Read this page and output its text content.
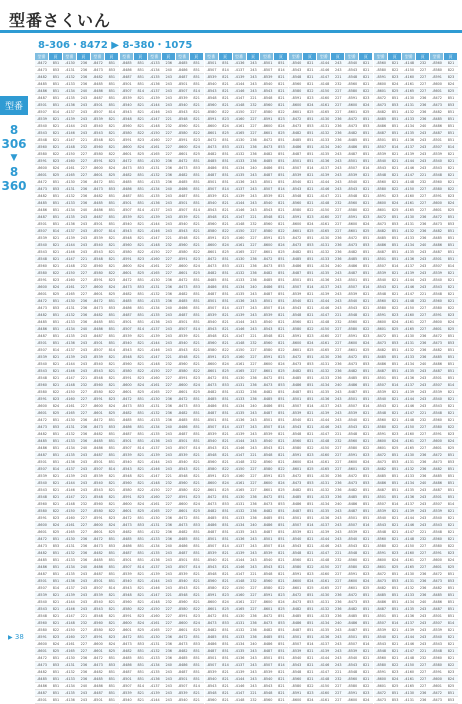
型番さくいん
8-306・8472 ▶ 8-380・1075
型番
8
306
▼
8
360
型番	頁	型番	頁	型番	頁
-8472	851	-4130	236	-8472	851
-8473	853	-4131	236	-8473	853
-8482	851	-4132	236	-8482	851
-8485	851	-4133	236	-8485	851
-8486	851	-4134	240	-8486	851
-8487	851	-4135	243	-8487	851
-8501	851	-4136	243	-8501	851
-8507	814	-4137	243	-8507	814
-8539	821	-4139	243	-8539	821
-8540	821	-4144	243	-8540	821
-8543	821	-4146	243	-8543	821
-8548	821	-4147	221	-8548	821
-8560	821	-4148	232	-8560	821
-8580	822	-4150	227	-8580	822
-8591	823	-4160	227	-8591	823
-8600	824	-4161	227	-8600	824
-8601	825	-4165	227	-8601	825
-8472	851	-4130	236	-8472	851
-8473	853	-4131	236	-8473	853
-8482	851	-4132	236	-8482	851
-8485	851	-4133	236	-8485	851
-8486	851	-4134	240	-8486	851
-8487	851	-4135	243	-8487	851
-8501	851	-4136	243	-8501	851
-8507	814	-4137	243	-8507	814
-8539	821	-4139	243	-8539	821
-8540	821	-4144	243	-8540	821
-8543	821	-4146	243	-8543	821
-8548	821	-4147	221	-8548	821
-8560	821	-4148	232	-8560	821
-8580	822	-4150	227	-8580	822
-8591	823	-4160	227	-8591	823
-8600	824	-4161	227	-8600	824
-8601	825	-4165	227	-8601	825
-8472	851	-4130	236	-8472	851
-8473	853	-4131	236	-8473	853
-8482	851	-4132	236	-8482	851
-8485	851	-4133	236	-8485	851
-8486	851	-4134	240	-8486	851
-8487	851	-4135	243	-8487	851
-8501	851	-4136	243	-8501	851
-8507	814	-4137	243	-8507	814
-8539	821	-4139	243	-8539	821
-8540	821	-4144	243	-8540	821
-8543	821	-4146	243	-8543	821
-8548	821	-4147	221	-8548	821
-8560	821	-4148	232	-8560	821
-8580	822	-4150	227	-8580	822
-8591	823	-4160	227	-8591	823
-8600	824	-4161	227	-8600	824
-8601	825	-4165	227	-8601	825
-8472	851	-4130	236	-8472	851
-8473	853	-4131	236	-8473	853
-8482	851	-4132	236	-8482	851
-8485	851	-4133	236	-8485	851
-8486	851	-4134	240	-8486	851
-8487	851	-4135	243	-8487	851
-8501	851	-4136	243	-8501	851
-8507	814	-4137	243	-8507	814
-8539	821	-4139	243	-8539	821
-8540	821	-4144	243	-8540	821
-8543	821	-4146	243	-8543	821
-8548	821	-4147	221	-8548	821
-8560	821	-4148	232	-8560	821
-8580	822	-4150	227	-8580	822
-8591	823	-4160	227	-8591	823
-8600	824	-4161	227	-8600	824
-8601	825	-4165	227	-8601	825
-8472	851	-4130	236	-8472	851
-8473	853	-4131	236	-8473	853
-8482	851	-4132	236	-8482	851
-8485	851	-4133	236	-8485	851
-8486	851	-4134	240	-8486	851
-8487	851	-4135	243	-8487	851
-8501	851	-4136	243	-8501	851
-8507	814	-4137	243	-8507	814
-8539	821	-4139	243	-8539	821
-8540	821	-4144	243	-8540	821
-8543	821	-4146	243	-8543	821
-8548	821	-4147	221	-8548	821
-8560	821	-4148	232	-8560	821
-8580	822	-4150	227	-8580	822
-8591	823	-4160	227	-8591	823
-8600	824	-4161	227	-8600	824
-8601	825	-4165	227	-8601	825
-8472	851	-4130	236	-8472	851
-8473	853	-4131	236	-8473	853
-8482	851	-4132	236	-8482	851
-8485	851	-4133	236	-8485	851
-8486	851	-4134	240	-8486	851
-8487	851	-4135	243	-8487	851
-8501	851	-4136	243	-8501	851
型番	頁	型番	頁	型番	頁
-8485	851	-4133	236	-8485	851
-8486	851	-4134	240	-8486	851
-8487	851	-4135	243	-8487	851
-8501	851	-4136	243	-8501	851
-8507	814	-4137	243	-8507	814
-8539	821	-4139	243	-8539	821
-8540	821	-4144	243	-8540	821
-8543	821	-4146	243	-8543	821
-8548	821	-4147	221	-8548	821
-8560	821	-4148	232	-8560	821
-8580	822	-4150	227	-8580	822
-8591	823	-4160	227	-8591	823
-8600	824	-4161	227	-8600	824
-8601	825	-4165	227	-8601	825
-8472	851	-4130	236	-8472	851
-8473	853	-4131	236	-8473	853
-8482	851	-4132	236	-8482	851
-8485	851	-4133	236	-8485	851
-8486	851	-4134	240	-8486	851
-8487	851	-4135	243	-8487	851
-8501	851	-4136	243	-8501	851
-8507	814	-4137	243	-8507	814
-8539	821	-4139	243	-8539	821
-8540	821	-4144	243	-8540	821
-8543	821	-4146	243	-8543	821
-8548	821	-4147	221	-8548	821
-8560	821	-4148	232	-8560	821
-8580	822	-4150	227	-8580	822
-8591	823	-4160	227	-8591	823
-8600	824	-4161	227	-8600	824
-8601	825	-4165	227	-8601	825
-8472	851	-4130	236	-8472	851
-8473	853	-4131	236	-8473	853
-8482	851	-4132	236	-8482	851
-8485	851	-4133	236	-8485	851
-8486	851	-4134	240	-8486	851
-8487	851	-4135	243	-8487	851
-8501	851	-4136	243	-8501	851
-8507	814	-4137	243	-8507	814
-8539	821	-4139	243	-8539	821
-8540	821	-4144	243	-8540	821
-8543	821	-4146	243	-8543	821
-8548	821	-4147	221	-8548	821
-8560	821	-4148	232	-8560	821
-8580	822	-4150	227	-8580	822
-8591	823	-4160	227	-8591	823
-8600	824	-4161	227	-8600	824
-8601	825	-4165	227	-8601	825
-8472	851	-4130	236	-8472	851
-8473	853	-4131	236	-8473	853
-8482	851	-4132	236	-8482	851
-8485	851	-4133	236	-8485	851
-8486	851	-4134	240	-8486	851
-8487	851	-4135	243	-8487	851
-8501	851	-4136	243	-8501	851
-8507	814	-4137	243	-8507	814
-8539	821	-4139	243	-8539	821
-8540	821	-4144	243	-8540	821
-8543	821	-4146	243	-8543	821
-8548	821	-4147	221	-8548	821
-8560	821	-4148	232	-8560	821
-8580	822	-4150	227	-8580	822
-8591	823	-4160	227	-8591	823
-8600	824	-4161	227	-8600	824
-8601	825	-4165	227	-8601	825
-8472	851	-4130	236	-8472	851
-8473	853	-4131	236	-8473	853
-8482	851	-4132	236	-8482	851
-8485	851	-4133	236	-8485	851
-8486	851	-4134	240	-8486	851
-8487	851	-4135	243	-8487	851
-8501	851	-4136	243	-8501	851
-8507	814	-4137	243	-8507	814
-8539	821	-4139	243	-8539	821
-8540	821	-4144	243	-8540	821
-8543	821	-4146	243	-8543	821
-8548	821	-4147	221	-8548	821
-8560	821	-4148	232	-8560	821
-8580	822	-4150	227	-8580	822
-8591	823	-4160	227	-8591	823
-8600	824	-4161	227	-8600	824
-8601	825	-4165	227	-8601	825
-8472	851	-4130	236	-8472	851
-8473	853	-4131	236	-8473	853
-8482	851	-4132	236	-8482	851
-8485	851	-4133	236	-8485	851
-8486	851	-4134	240	-8486	851
-8487	851	-4135	243	-8487	851
-8501	851	-4136	243	-8501	851
-8507	814	-4137	243	-8507	814
-8539	821	-4139	243	-8539	821
-8540	821	-4144	243	-8540	821
型番	頁	型番	頁	型番	頁
-8501	851	-4136	243	-8501	851
-8507	814	-4137	243	-8507	814
-8539	821	-4139	243	-8539	821
-8540	821	-4144	243	-8540	821
-8543	821	-4146	243	-8543	821
-8548	821	-4147	221	-8548	821
-8560	821	-4148	232	-8560	821
-8580	822	-4150	227	-8580	822
-8591	823	-4160	227	-8591	823
-8600	824	-4161	227	-8600	824
-8601	825	-4165	227	-8601	825
-8472	851	-4130	236	-8472	851
-8473	853	-4131	236	-8473	853
-8482	851	-4132	236	-8482	851
-8485	851	-4133	236	-8485	851
-8486	851	-4134	240	-8486	851
-8487	851	-4135	243	-8487	851
-8501	851	-4136	243	-8501	851
-8507	814	-4137	243	-8507	814
-8539	821	-4139	243	-8539	821
-8540	821	-4144	243	-8540	821
-8543	821	-4146	243	-8543	821
-8548	821	-4147	221	-8548	821
-8560	821	-4148	232	-8560	821
-8580	822	-4150	227	-8580	822
-8591	823	-4160	227	-8591	823
-8600	824	-4161	227	-8600	824
-8601	825	-4165	227	-8601	825
-8472	851	-4130	236	-8472	851
-8473	853	-4131	236	-8473	853
-8482	851	-4132	236	-8482	851
-8485	851	-4133	236	-8485	851
-8486	851	-4134	240	-8486	851
-8487	851	-4135	243	-8487	851
-8501	851	-4136	243	-8501	851
-8507	814	-4137	243	-8507	814
-8539	821	-4139	243	-8539	821
-8540	821	-4144	243	-8540	821
-8543	821	-4146	243	-8543	821
-8548	821	-4147	221	-8548	821
-8560	821	-4148	232	-8560	821
-8580	822	-4150	227	-8580	822
-8591	823	-4160	227	-8591	823
-8600	824	-4161	227	-8600	824
-8601	825	-4165	227	-8601	825
-8472	851	-4130	236	-8472	851
-8473	853	-4131	236	-8473	853
-8482	851	-4132	236	-8482	851
-8485	851	-4133	236	-8485	851
-8486	851	-4134	240	-8486	851
-8487	851	-4135	243	-8487	851
-8501	851	-4136	243	-8501	851
-8507	814	-4137	243	-8507	814
-8539	821	-4139	243	-8539	821
-8540	821	-4144	243	-8540	821
-8543	821	-4146	243	-8543	821
-8548	821	-4147	221	-8548	821
-8560	821	-4148	232	-8560	821
-8580	822	-4150	227	-8580	822
-8591	823	-4160	227	-8591	823
-8600	824	-4161	227	-8600	824
-8601	825	-4165	227	-8601	825
-8472	851	-4130	236	-8472	851
-8473	853	-4131	236	-8473	853
-8482	851	-4132	236	-8482	851
-8485	851	-4133	236	-8485	851
-8486	851	-4134	240	-8486	851
-8487	851	-4135	243	-8487	851
-8501	851	-4136	243	-8501	851
-8507	814	-4137	243	-8507	814
-8539	821	-4139	243	-8539	821
-8540	821	-4144	243	-8540	821
-8543	821	-4146	243	-8543	821
-8548	821	-4147	221	-8548	821
-8560	821	-4148	232	-8560	821
-8580	822	-4150	227	-8580	822
-8591	823	-4160	227	-8591	823
-8600	824	-4161	227	-8600	824
-8601	825	-4165	227	-8601	825
-8472	851	-4130	236	-8472	851
-8473	853	-4131	236	-8473	853
-8482	851	-4132	236	-8482	851
-8485	851	-4133	236	-8485	851
-8486	851	-4134	240	-8486	851
-8487	851	-4135	243	-8487	851
-8501	851	-4136	243	-8501	851
-8507	814	-4137	243	-8507	814
-8539	821	-4139	243	-8539	821
-8540	821	-4144	243	-8540	821
-8543	821	-4146	243	-8543	821
-8548	821	-4147	221	-8548	821
-8560	821	-4148	232	-8560	821
型番	頁	型番	頁	型番	頁
-8540	821	-4144	243	-8540	821
-8543	821	-4146	243	-8543	821
-8548	821	-4147	221	-8548	821
-8560	821	-4148	232	-8560	821
-8580	822	-4150	227	-8580	822
-8591	823	-4160	227	-8591	823
-8600	824	-4161	227	-8600	824
-8601	825	-4165	227	-8601	825
-8472	851	-4130	236	-8472	851
-8473	853	-4131	236	-8473	853
-8482	851	-4132	236	-8482	851
-8485	851	-4133	236	-8485	851
-8486	851	-4134	240	-8486	851
-8487	851	-4135	243	-8487	851
-8501	851	-4136	243	-8501	851
-8507	814	-4137	243	-8507	814
-8539	821	-4139	243	-8539	821
-8540	821	-4144	243	-8540	821
-8543	821	-4146	243	-8543	821
-8548	821	-4147	221	-8548	821
-8560	821	-4148	232	-8560	821
-8580	822	-4150	227	-8580	822
-8591	823	-4160	227	-8591	823
-8600	824	-4161	227	-8600	824
-8601	825	-4165	227	-8601	825
-8472	851	-4130	236	-8472	851
-8473	853	-4131	236	-8473	853
-8482	851	-4132	236	-8482	851
-8485	851	-4133	236	-8485	851
-8486	851	-4134	240	-8486	851
-8487	851	-4135	243	-8487	851
-8501	851	-4136	243	-8501	851
-8507	814	-4137	243	-8507	814
-8539	821	-4139	243	-8539	821
-8540	821	-4144	243	-8540	821
-8543	821	-4146	243	-8543	821
-8548	821	-4147	221	-8548	821
-8560	821	-4148	232	-8560	821
-8580	822	-4150	227	-8580	822
-8591	823	-4160	227	-8591	823
-8600	824	-4161	227	-8600	824
-8601	825	-4165	227	-8601	825
-8472	851	-4130	236	-8472	851
-8473	853	-4131	236	-8473	853
-8482	851	-4132	236	-8482	851
-8485	851	-4133	236	-8485	851
-8486	851	-4134	240	-8486	851
-8487	851	-4135	243	-8487	851
-8501	851	-4136	243	-8501	851
-8507	814	-4137	243	-8507	814
-8539	821	-4139	243	-8539	821
-8540	821	-4144	243	-8540	821
-8543	821	-4146	243	-8543	821
-8548	821	-4147	221	-8548	821
-8560	821	-4148	232	-8560	821
-8580	822	-4150	227	-8580	822
-8591	823	-4160	227	-8591	823
-8600	824	-4161	227	-8600	824
-8601	825	-4165	227	-8601	825
-8472	851	-4130	236	-8472	851
-8473	853	-4131	236	-8473	853
-8482	851	-4132	236	-8482	851
-8485	851	-4133	236	-8485	851
-8486	851	-4134	240	-8486	851
-8487	851	-4135	243	-8487	851
-8501	851	-4136	243	-8501	851
-8507	814	-4137	243	-8507	814
-8539	821	-4139	243	-8539	821
-8540	821	-4144	243	-8540	821
-8543	821	-4146	243	-8543	821
-8548	821	-4147	221	-8548	821
-8560	821	-4148	232	-8560	821
-8580	822	-4150	227	-8580	822
-8591	823	-4160	227	-8591	823
-8600	824	-4161	227	-8600	824
-8601	825	-4165	227	-8601	825
-8472	851	-4130	236	-8472	851
-8473	853	-4131	236	-8473	853
-8482	851	-4132	236	-8482	851
-8485	851	-4133	236	-8485	851
-8486	851	-4134	240	-8486	851
-8487	851	-4135	243	-8487	851
-8501	851	-4136	243	-8501	851
-8507	814	-4137	243	-8507	814
-8539	821	-4139	243	-8539	821
-8540	821	-4144	243	-8540	821
-8543	821	-4146	243	-8543	821
-8548	821	-4147	221	-8548	821
-8560	821	-4148	232	-8560	821
-8580	822	-4150	227	-8580	822
-8591	823	-4160	227	-8591	823
-8600	824	-4161	227	-8600	824
型番	頁	型番	頁	型番	頁
-8560	821	-4148	232	-8560	821
-8580	822	-4150	227	-8580	822
-8591	823	-4160	227	-8591	823
-8600	824	-4161	227	-8600	824
-8601	825	-4165	227	-8601	825
-8472	851	-4130	236	-8472	851
-8473	853	-4131	236	-8473	853
-8482	851	-4132	236	-8482	851
-8485	851	-4133	236	-8485	851
-8486	851	-4134	240	-8486	851
-8487	851	-4135	243	-8487	851
-8501	851	-4136	243	-8501	851
-8507	814	-4137	243	-8507	814
-8539	821	-4139	243	-8539	821
-8540	821	-4144	243	-8540	821
-8543	821	-4146	243	-8543	821
-8548	821	-4147	221	-8548	821
-8560	821	-4148	232	-8560	821
-8580	822	-4150	227	-8580	822
-8591	823	-4160	227	-8591	823
-8600	824	-4161	227	-8600	824
-8601	825	-4165	227	-8601	825
-8472	851	-4130	236	-8472	851
-8473	853	-4131	236	-8473	853
-8482	851	-4132	236	-8482	851
-8485	851	-4133	236	-8485	851
-8486	851	-4134	240	-8486	851
-8487	851	-4135	243	-8487	851
-8501	851	-4136	243	-8501	851
-8507	814	-4137	243	-8507	814
-8539	821	-4139	243	-8539	821
-8540	821	-4144	243	-8540	821
-8543	821	-4146	243	-8543	821
-8548	821	-4147	221	-8548	821
-8560	821	-4148	232	-8560	821
-8580	822	-4150	227	-8580	822
-8591	823	-4160	227	-8591	823
-8600	824	-4161	227	-8600	824
-8601	825	-4165	227	-8601	825
-8472	851	-4130	236	-8472	851
-8473	853	-4131	236	-8473	853
-8482	851	-4132	236	-8482	851
-8485	851	-4133	236	-8485	851
-8486	851	-4134	240	-8486	851
-8487	851	-4135	243	-8487	851
-8501	851	-4136	243	-8501	851
-8507	814	-4137	243	-8507	814
-8539	821	-4139	243	-8539	821
-8540	821	-4144	243	-8540	821
-8543	821	-4146	243	-8543	821
-8548	821	-4147	221	-8548	821
-8560	821	-4148	232	-8560	821
-8580	822	-4150	227	-8580	822
-8591	823	-4160	227	-8591	823
-8600	824	-4161	227	-8600	824
-8601	825	-4165	227	-8601	825
-8472	851	-4130	236	-8472	851
-8473	853	-4131	236	-8473	853
-8482	851	-4132	236	-8482	851
-8485	851	-4133	236	-8485	851
-8486	851	-4134	240	-8486	851
-8487	851	-4135	243	-8487	851
-8501	851	-4136	243	-8501	851
-8507	814	-4137	243	-8507	814
-8539	821	-4139	243	-8539	821
-8540	821	-4144	243	-8540	821
-8543	821	-4146	243	-8543	821
-8548	821	-4147	221	-8548	821
-8560	821	-4148	232	-8560	821
-8580	822	-4150	227	-8580	822
-8591	823	-4160	227	-8591	823
-8600	824	-4161	227	-8600	824
-8601	825	-4165	227	-8601	825
-8472	851	-4130	236	-8472	851
-8473	853	-4131	236	-8473	853
-8482	851	-4132	236	-8482	851
-8485	851	-4133	236	-8485	851
-8486	851	-4134	240	-8486	851
-8487	851	-4135	243	-8487	851
-8501	851	-4136	243	-8501	851
-8507	814	-4137	243	-8507	814
-8539	821	-4139	243	-8539	821
-8540	821	-4144	243	-8540	821
-8543	821	-4146	243	-8543	821
-8548	821	-4147	221	-8548	821
-8560	821	-4148	232	-8560	821
-8580	822	-4150	227	-8580	822
-8591	823	-4160	227	-8591	823
-8600	824	-4161	227	-8600	824
-8601	825	-4165	227	-8601	825
-8472	851	-4130	236	-8472	851
-8473	853	-4131	236	-8473	853
▶ 38
